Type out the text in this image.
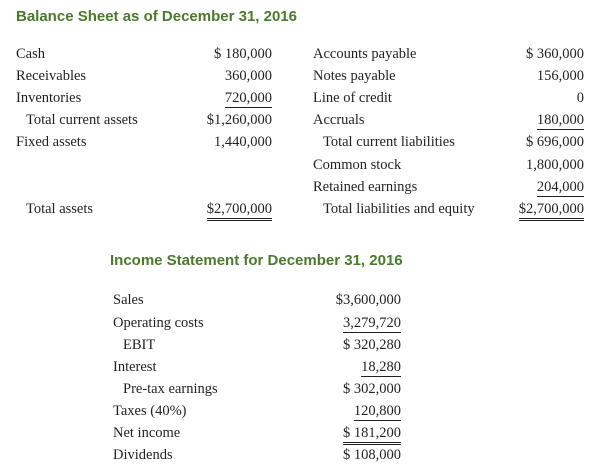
Balance Sheet as of December 31, 2016
Cash
Receivables
Inventories
Total current assets
Fixed assets
Total assets
$ 180,000
360,000
720,000
$1,260,000
1,440,000
$2,700,000
Accounts payable
Notes payable
Line of credit
Accruals
Total current liabilities
Common stock
Retained earnings
Total liabilities and equity
$ 360,000
156,000
0
180,000
$ 696,000
1,800,000
204,000
$2,700,000
Income Statement for December 31, 2016
Sales
Operating costs
EBIT
Interest
Pre-tax earnings
Taxes (40%)
Net income
Dividends
$3,600,000
3,279,720
$ 320,280
18,280
$ 302,000
120,800
$ 181,200
$ 108,000
